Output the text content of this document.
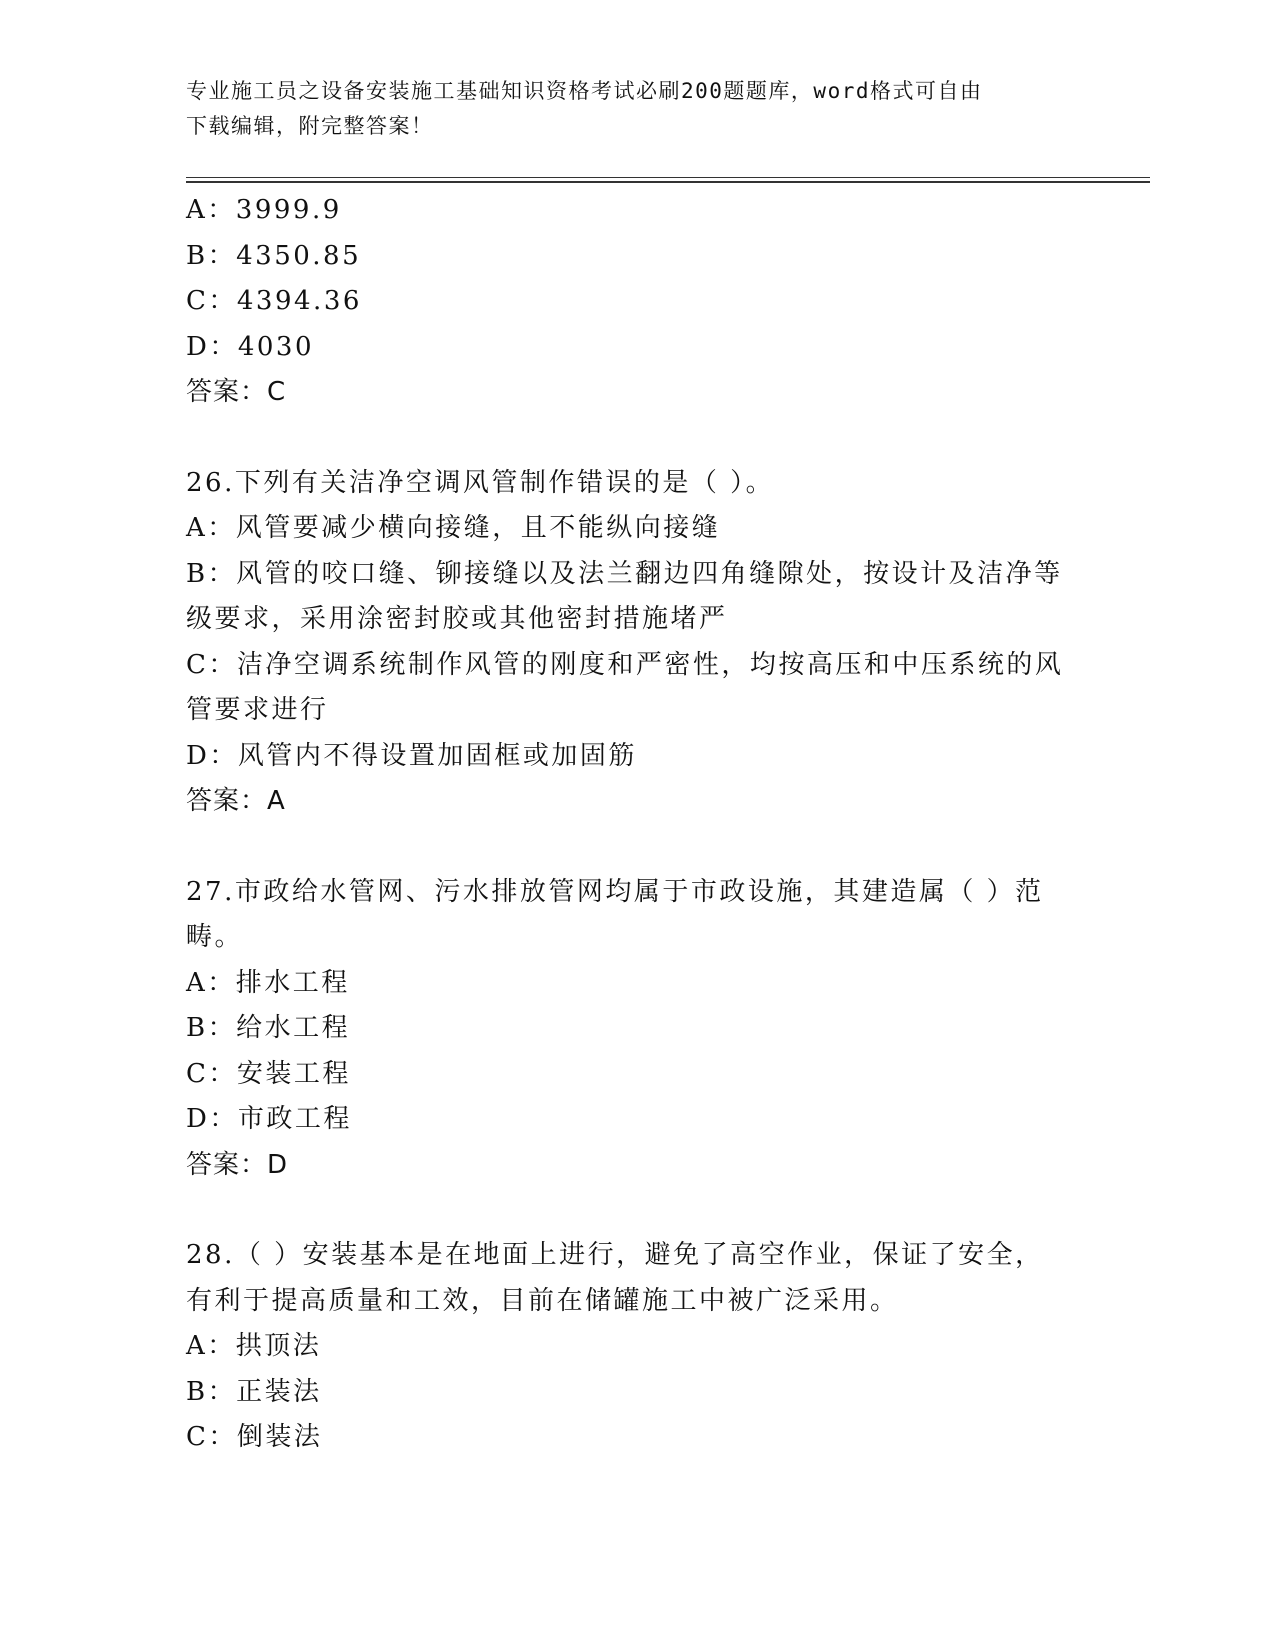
专业施工员之设备安装施工基础知识资格考试必刷200题题库，word格式可自由
下载编辑，附完整答案！
A：3999.9
B：4350.85
C：4394.36
D：4030
答案：C
26.下列有关洁净空调风管制作错误的是（ ）。
A：风管要减少横向接缝，且不能纵向接缝
B：风管的咬口缝、铆接缝以及法兰翻边四角缝隙处，按设计及洁净等级要求，采用涂密封胶或其他密封措施堵严
C：洁净空调系统制作风管的刚度和严密性，均按高压和中压系统的风管要求进行
D：风管内不得设置加固框或加固筋
答案：A
27.市政给水管网、污水排放管网均属于市政设施，其建造属（ ）范畴。
A：排水工程
B：给水工程
C：安装工程
D：市政工程
答案：D
28.（ ）安装基本是在地面上进行，避免了高空作业，保证了安全，有利于提高质量和工效，目前在储罐施工中被广泛采用。
A：拱顶法
B：正装法
C：倒装法
